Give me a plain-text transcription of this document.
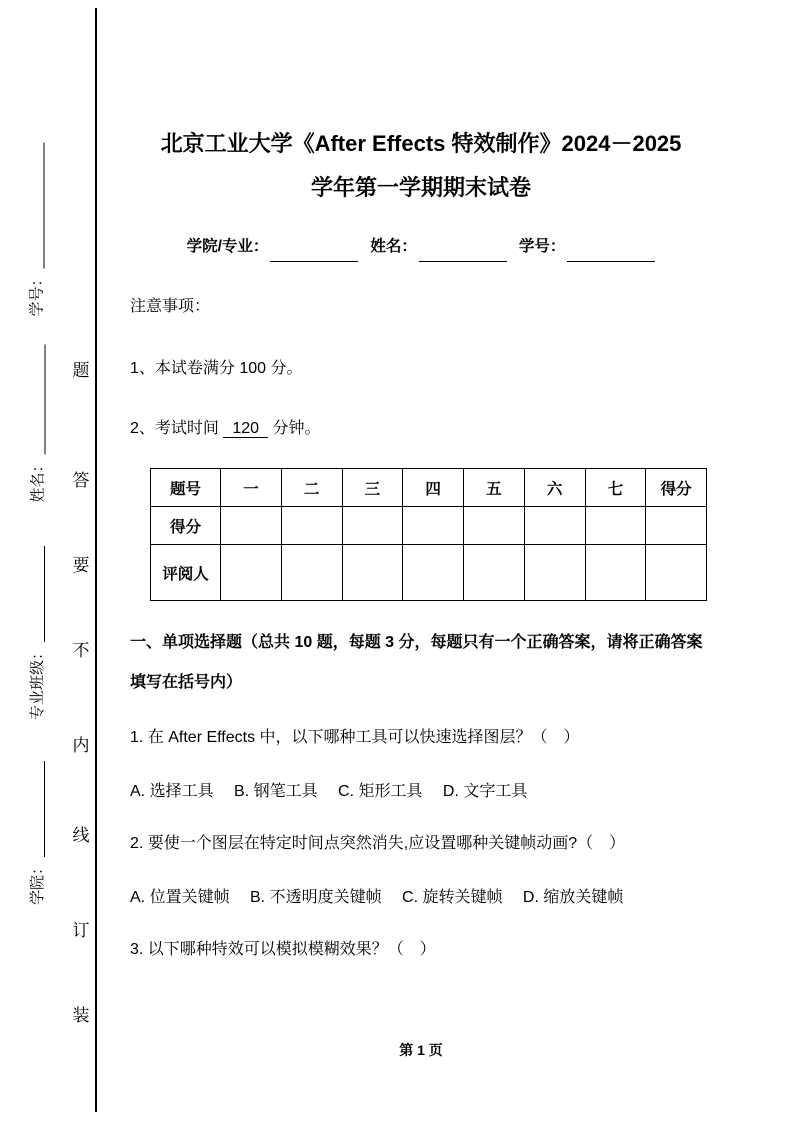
学号：
姓名：
专业班级：
学院：
题
答
要
不
内
线
订
装
北京工业大学《After Effects 特效制作》2024－2025
学年第一学期期末试卷
学院/专业：	姓名：	学号：

注意事项：

1、本试卷满分 100 分。

2、考试时间 120 分钟。

题号	一	二	三	四	五	六	七	得分
得分								
评阅人								

一、单项选择题（总共 10 题，每题 3 分，每题只有一个正确答案，请将正确答案填写在括号内）

1. 在 After Effects 中，以下哪种工具可以快速选择图层？（　）

A. 选择工具　 B. 钢笔工具　 C. 矩形工具　 D. 文字工具

2. 要使一个图层在特定时间点突然消失,应设置哪种关键帧动画?（　）

A. 位置关键帧　 B. 不透明度关键帧　 C. 旋转关键帧　 D. 缩放关键帧

3. 以下哪种特效可以模拟模糊效果？（　）

第 1 页
